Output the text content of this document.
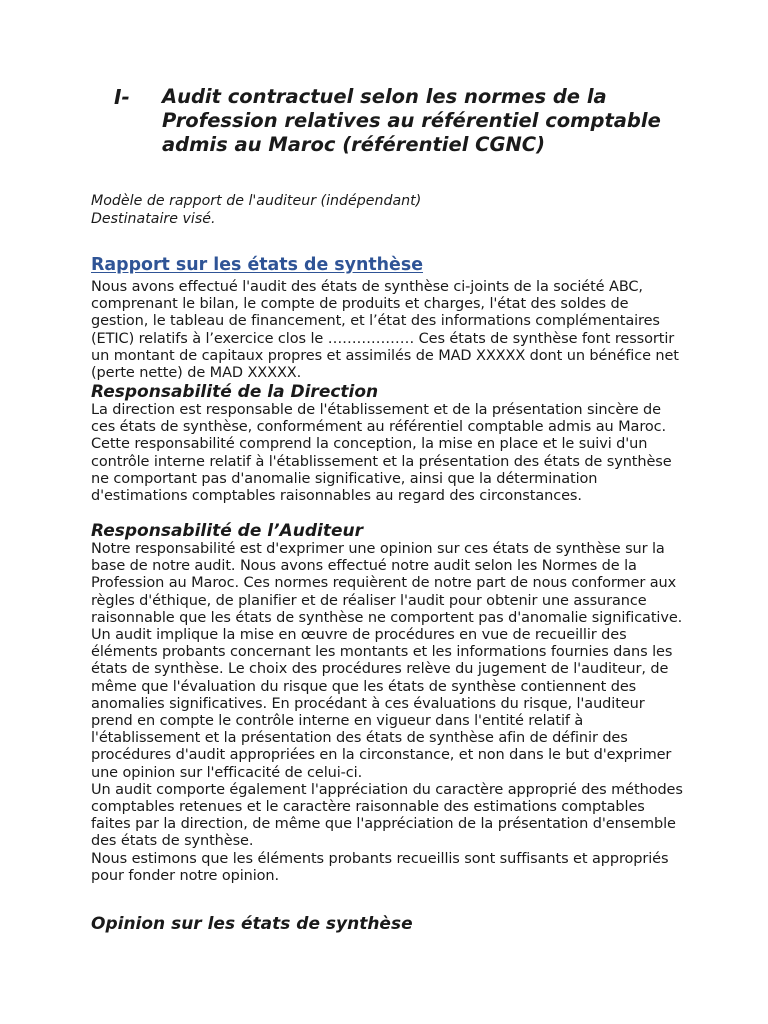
I-	Audit contractuel selon les normes de la Profession relatives au référentiel comptable admis au Maroc (référentiel CGNC)
Modèle de rapport de l'auditeur (indépendant)
Destinataire visé.
Rapport sur les états de synthèse

Nous avons effectué l'audit des états de synthèse ci-joints de la société ABC, comprenant le bilan, le compte de produits et charges, l'état des soldes de gestion, le tableau de financement, et l’état des informations complémentaires (ETIC) relatifs à l’exercice clos le ……………… Ces états de synthèse font ressortir un montant de capitaux propres et assimilés de MAD XXXXX dont un bénéfice net (perte nette) de MAD XXXXX.

Responsabilité de la Direction

La direction est responsable de l'établissement et de la présentation sincère de ces états de synthèse, conformément au référentiel comptable admis au Maroc. Cette responsabilité comprend la conception, la mise en place et le suivi d'un contrôle interne relatif à l'établissement et la présentation des états de synthèse ne comportant pas d'anomalie significative, ainsi que la détermination d'estimations comptables raisonnables au regard des circonstances.

Responsabilité de l’Auditeur

Notre responsabilité est d'exprimer une opinion sur ces états de synthèse sur la base de notre audit. Nous avons effectué notre audit selon les Normes de la Profession au Maroc. Ces normes requièrent de notre part de nous conformer aux règles d'éthique, de planifier et de réaliser l'audit pour obtenir une assurance raisonnable que les états de synthèse ne comportent pas d'anomalie significative.

Un audit implique la mise en œuvre de procédures en vue de recueillir des éléments probants concernant les montants et les informations fournies dans les états de synthèse. Le choix des procédures relève du jugement de l'auditeur, de même que l'évaluation du risque que les états de synthèse contiennent des anomalies significatives. En procédant à ces évaluations du risque, l'auditeur prend en compte le contrôle interne en vigueur dans l'entité relatif à l'établissement et la présentation des états de synthèse afin de définir des procédures d'audit appropriées en la circonstance, et non dans le but d'exprimer une opinion sur l'efficacité de celui-ci.

Un audit comporte également l'appréciation du caractère approprié des méthodes comptables retenues et le caractère raisonnable des estimations comptables faites par la direction, de même que l'appréciation de la présentation d'ensemble des états de synthèse.

Nous estimons que les éléments probants recueillis sont suffisants et appropriés pour fonder notre opinion.

Opinion sur les états de synthèse
